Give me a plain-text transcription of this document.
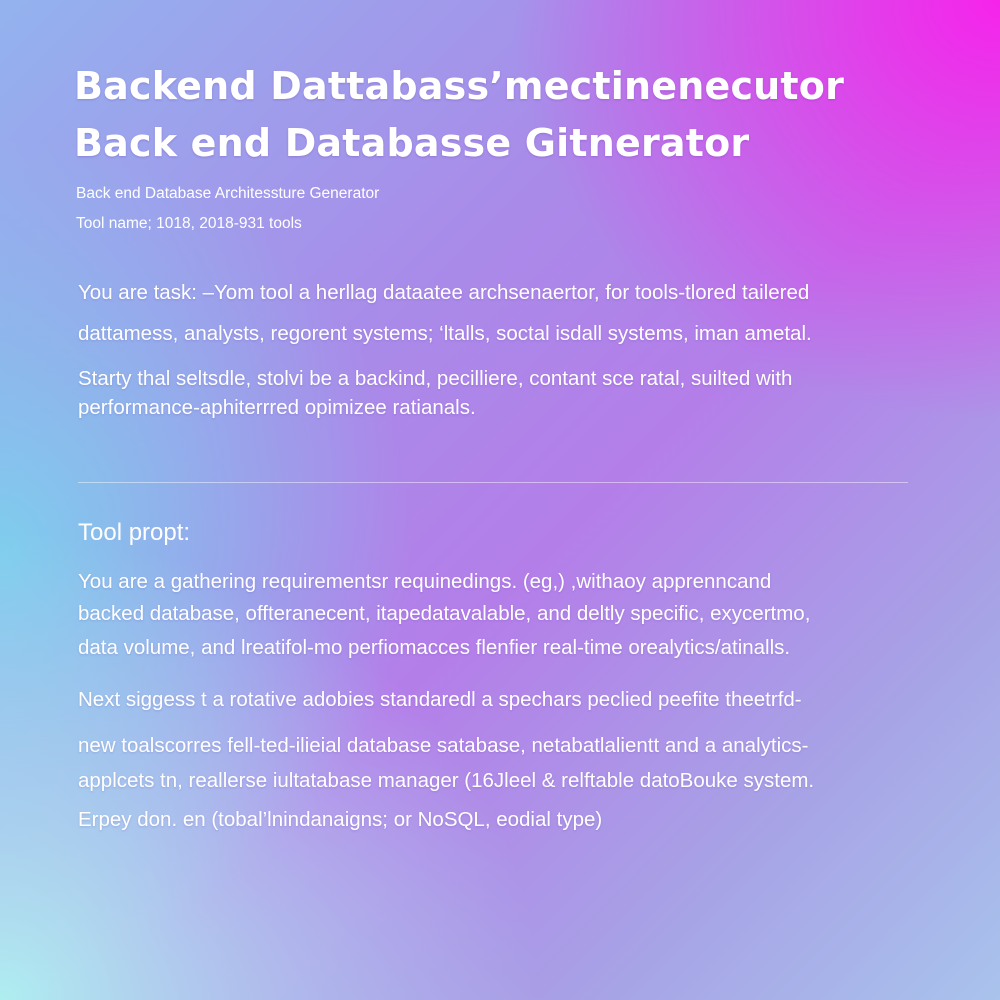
Backend Dattabass’mectinenecutor
Back end Databasse Gitnerator
Back end Database Architessture Generator
Tool name; 1018, 2018-931 tools
You are task: –Yom tool a herllag dataatee archsenaertor, for tools-tlored tailered
dattamess, analysts, regorent systems; ‘ltalls, soctal isdall systems, iman ametal.
Starty thal seltsdle, stolvi be a backind, pecilliere, contant sce ratal, suilted with
performance-aphiterrred opimizee ratianals.
Tool propt:
You are a gathering requirementsr requinedings. (eg,) ,withaoy apprenncand
backed database, offteranecent, itapedatavalable, and deltly specific, exycertmo,
data volume, and lreatifol-mo perfiomacces flenfier real-time orealytics/atinalls.
Next siggess t a rotative adobies standaredl a spechars peclied peefite theetrfd-
new toalscorres fell-ted-ilieial database satabase, netabatlalientt and a analytics-
applcets tn, reallerse iultatabase manager (16Jleel & relftable datoBouke system.
Erpey don. en (tobal’lnindanaigns; or NoSQL, eodial type)
